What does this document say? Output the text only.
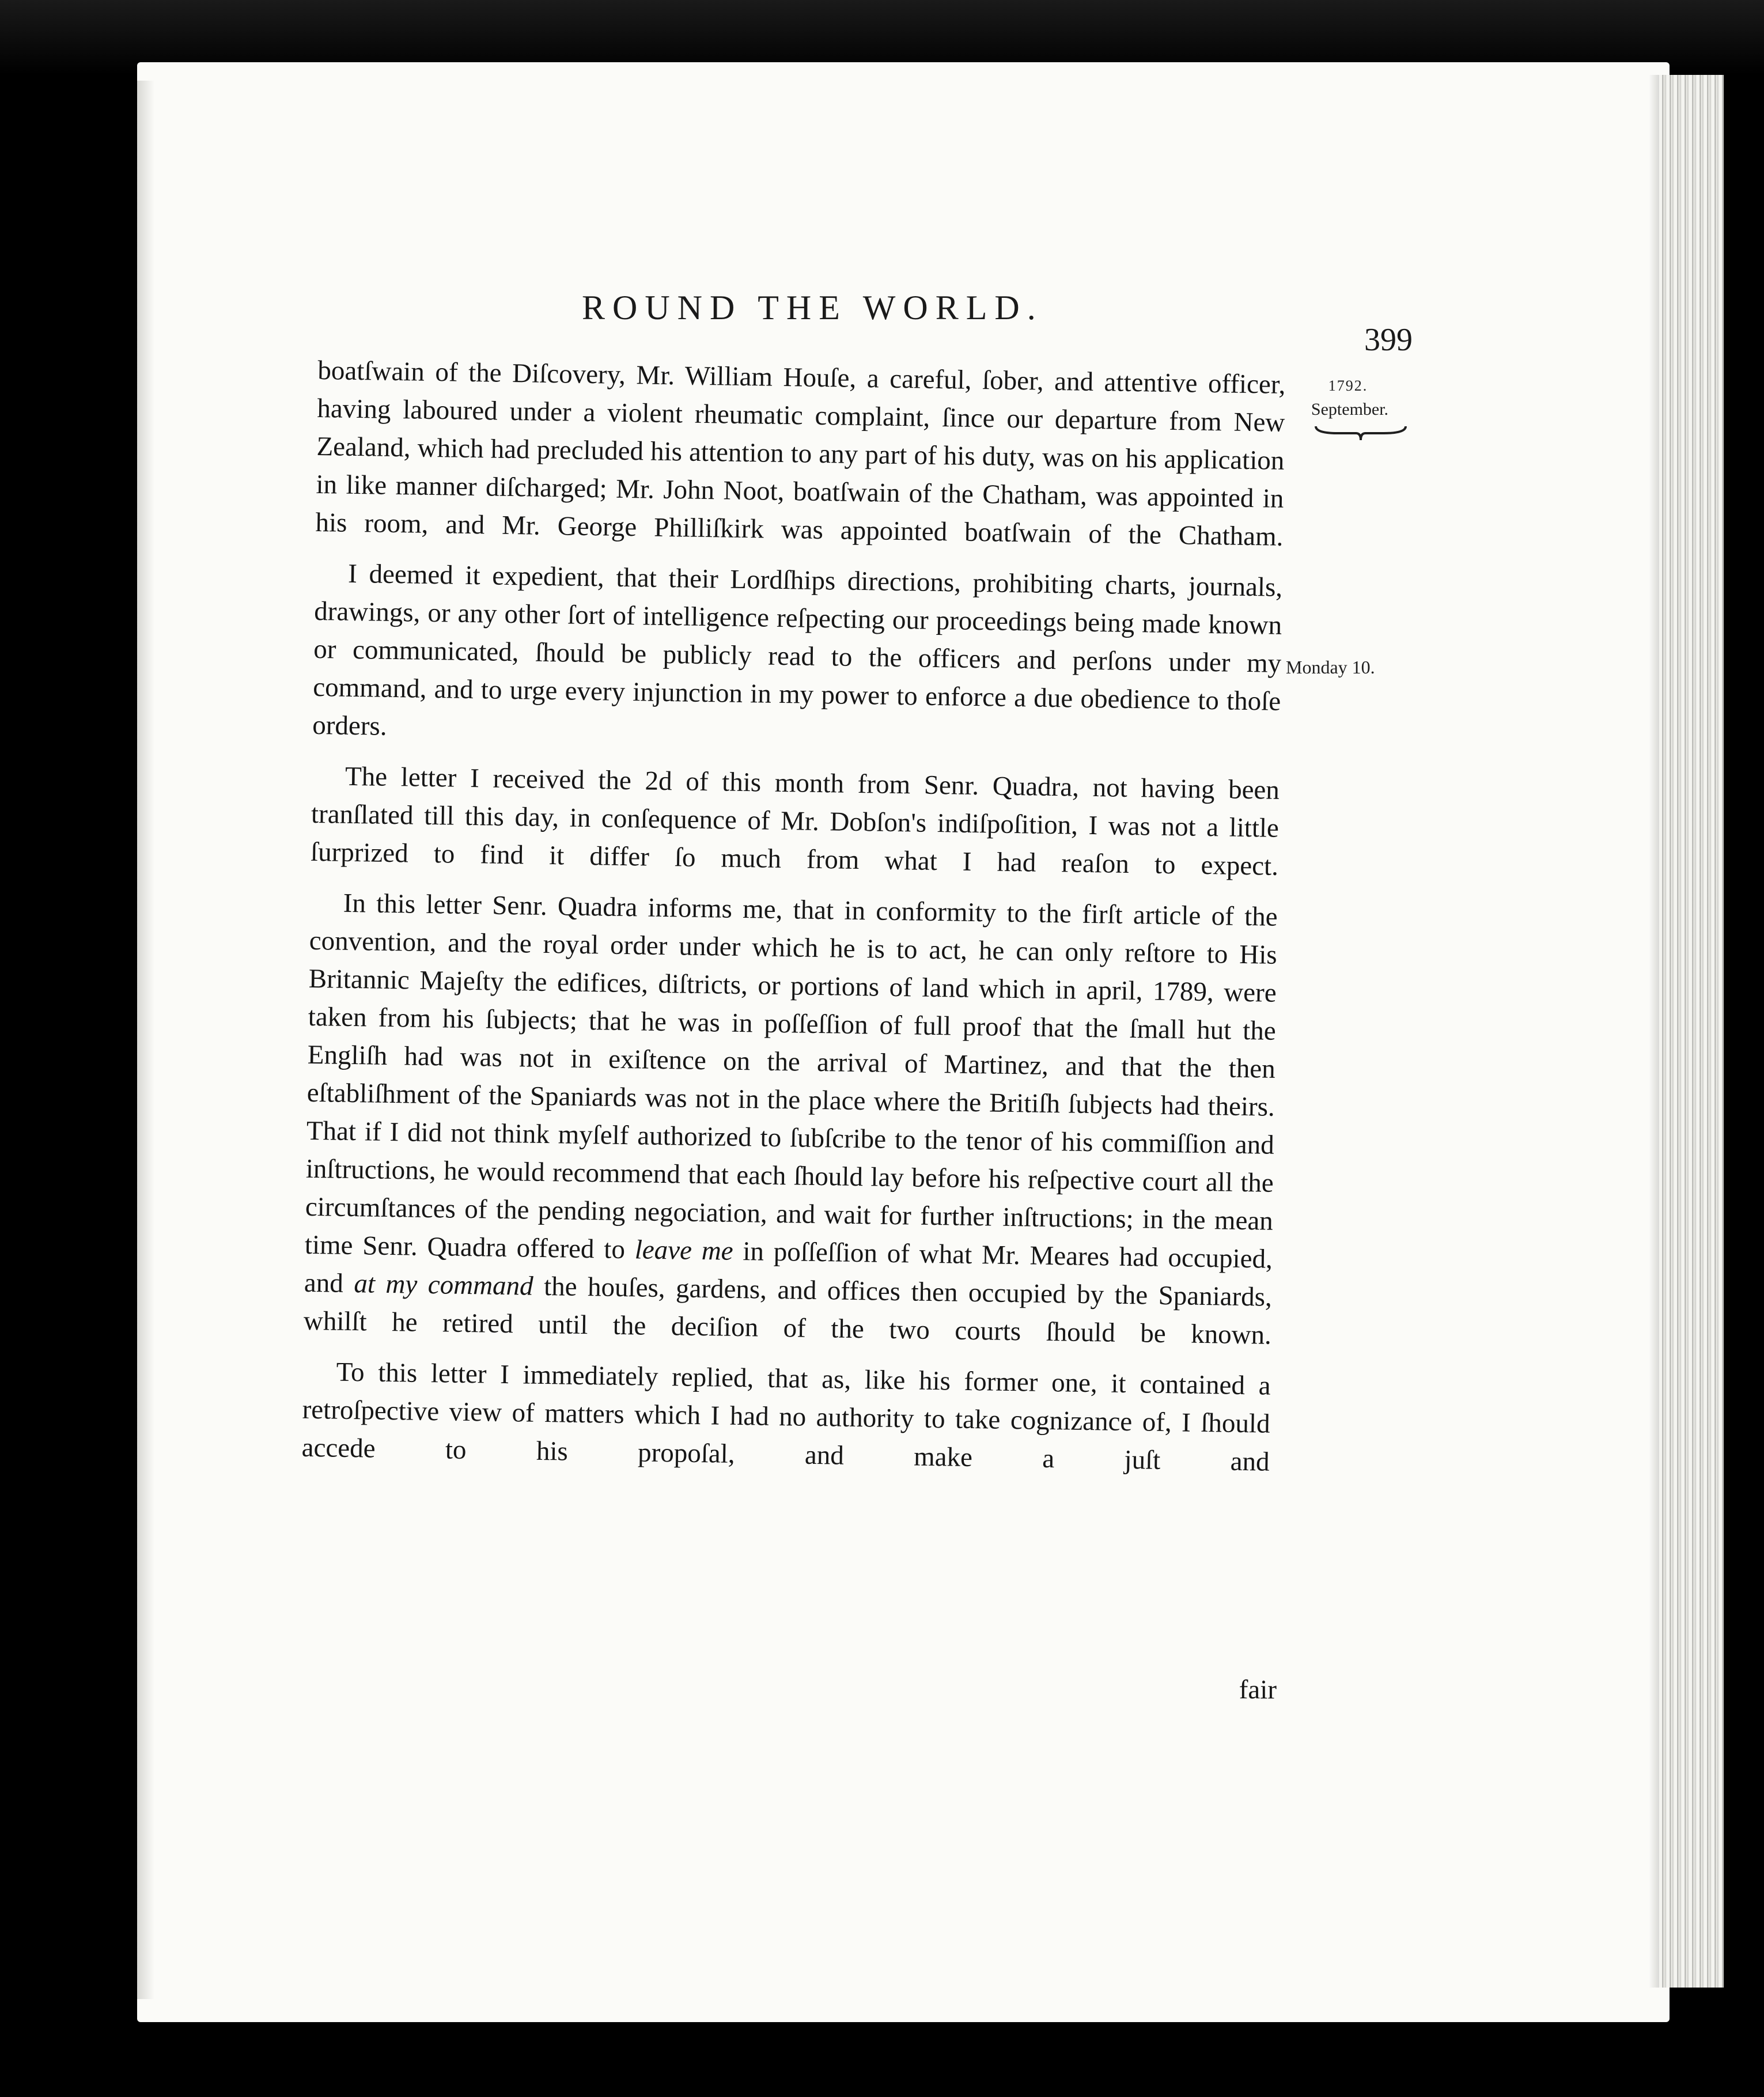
ROUND THE WORLD.

399

1792.

September.

Monday 10.

boatſwain of the Diſcovery, Mr. William Houſe, a careful, ſober, and attentive officer, having laboured under a violent rheumatic complaint, ſince our departure from New Zealand, which had precluded his attention to any part of his duty, was on his application in like manner diſcharged; Mr. John Noot, boatſwain of the Chatham, was appointed in his room, and Mr. George Philliſkirk was appointed boatſwain of the Chatham.

I deemed it expedient, that their Lordſhips directions, prohibiting charts, journals, drawings, or any other ſort of intelligence reſpecting our proceedings being made known or communicated, ſhould be publicly read to the officers and perſons under my command, and to urge every injunction in my power to enforce a due obedience to thoſe orders.

The letter I received the 2d of this month from Senr. Quadra, not having been tranſlated till this day, in conſequence of Mr. Dobſon's indiſpoſition, I was not a little ſurprized to find it differ ſo much from what I had reaſon to expect.

In this letter Senr. Quadra informs me, that in conformity to the firſt article of the convention, and the royal order under which he is to act, he can only reſtore to His Britannic Majeſty the edifices, diſtricts, or portions of land which in april, 1789, were taken from his ſubjects; that he was in poſſeſſion of full proof that the ſmall hut the Engliſh had was not in exiſtence on the arrival of Martinez, and that the then eſtabliſhment of the Spaniards was not in the place where the Britiſh ſubjects had theirs. That if I did not think myſelf authorized to ſubſcribe to the tenor of his commiſſion and inſtructions, he would recommend that each ſhould lay before his reſpective court all the circumſtances of the pending negociation, and wait for further inſtructions; in the mean time Senr. Quadra offered to leave me in poſſeſſion of what Mr. Meares had occupied, and at my command the houſes, gardens, and offices then occupied by the Spaniards, whilſt he retired until the deciſion of the two courts ſhould be known.

To this letter I immediately replied, that as, like his former one, it contained a retroſpective view of matters which I had no authority to take cognizance of, I ſhould accede to his propoſal, and make a juſt and

fair
